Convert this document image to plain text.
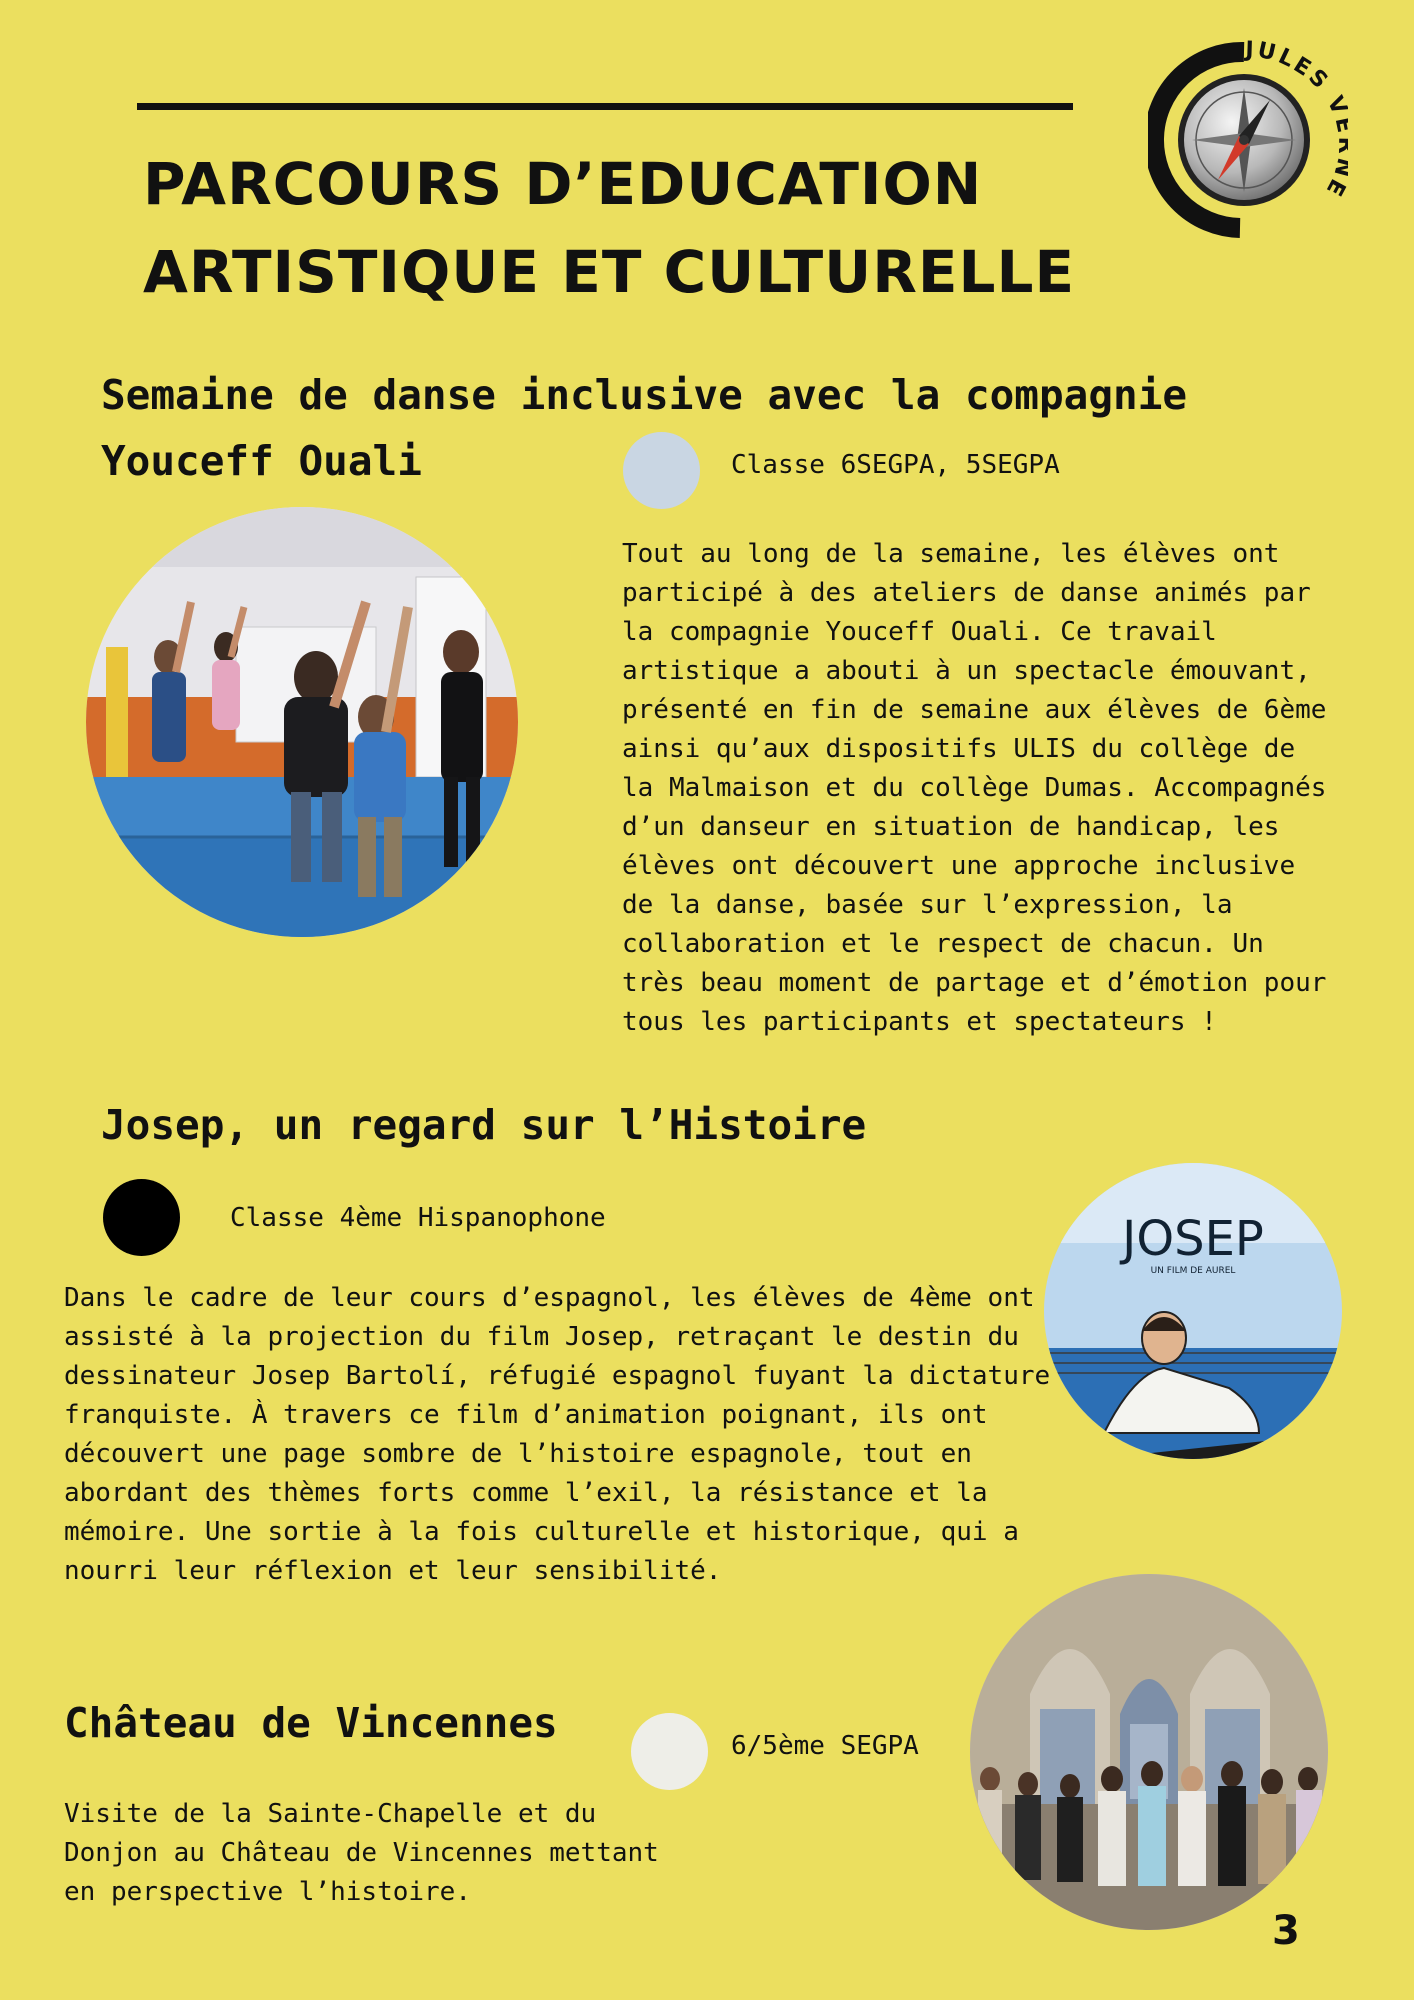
PARCOURS D’EDUCATION
ARTISTIQUE ET CULTURELLE
JULES E
Semaine de danse inclusive avec la compagnie
Youceff Ouali	Classe 6SEGPA, 5SEGPA

Tout au long de la semaine, les élèves ont participé à des ateliers de danse animés par la compagnie Youceff Ouali. Ce travail artistique a abouti à un spectacle émouvant, présenté en fin de semaine aux élèves de 6ème ainsi qu’aux dispositifs ULIS du collège de la Malmaison et du collège Dumas. Accompagnés d’un danseur en situation de handicap, les élèves ont découvert une approche inclusive de la danse, basée sur l’expression, la collaboration et le respect de chacun. Un très beau moment de partage et d’émotion pour tous les participants et spectateurs !

Josep, un regard sur l’Histoire
Classe 4ème Hispanophone

Dans le cadre de leur cours d’espagnol, les élèves de 4ème ont assisté à la projection du film Josep, retraçant le destin du dessinateur Josep Bartolí, réfugié espagnol fuyant la dictature franquiste. À travers ce film d’animation poignant, ils ont découvert une page sombre de l’histoire espagnole, tout en abordant des thèmes forts comme l’exil, la résistance et la mémoire. Une sortie à la fois culturelle et historique, qui a nourri leur réflexion et leur sensibilité.

JOSEP
UN FILM DE AUREL
Château de Vincennes	6/5ème SEGPA

Visite de la Sainte-Chapelle et du Donjon au Château de Vincennes mettant en perspective l’histoire.

3
